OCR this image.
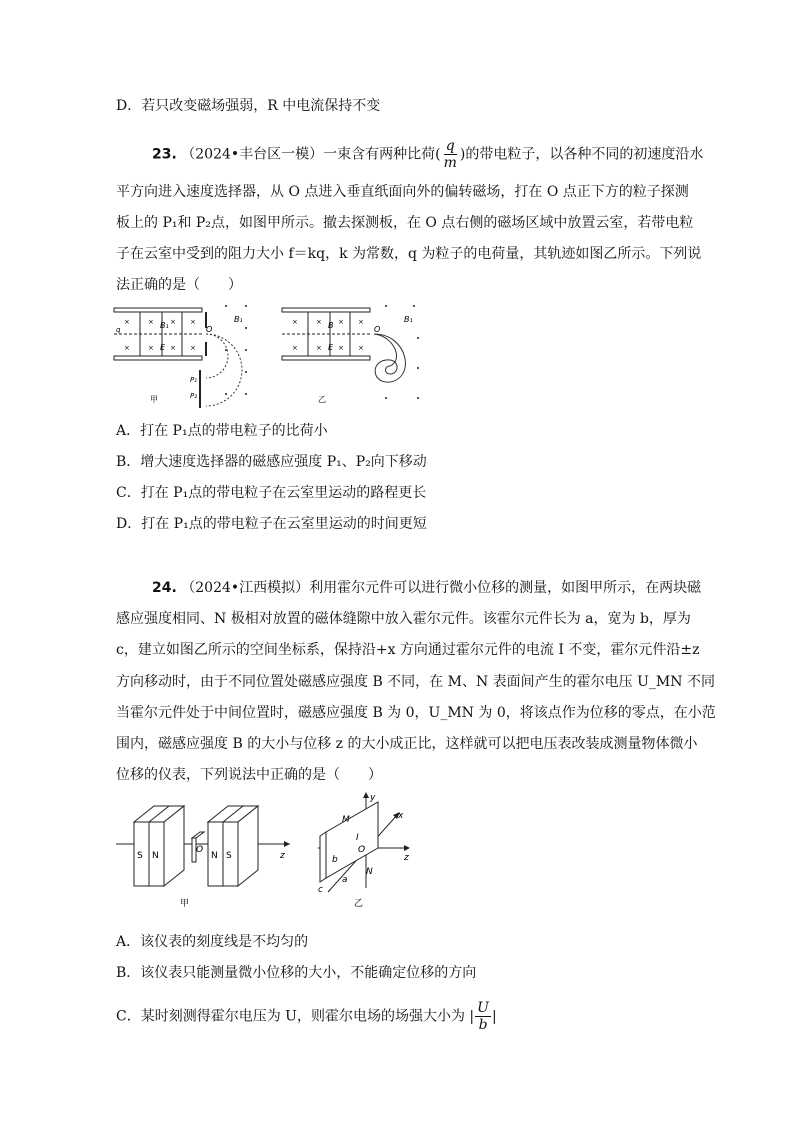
D．若只改变磁场强弱，R 中电流保持不变
23. （2024•丰台区一模）一束含有两种比荷( $\frac{q}{m}$ )的带电粒子，以各种不同的初速度沿水
平方向进入速度选择器，从 O 点进入垂直纸面向外的偏转磁场，打在 O 点正下方的粒子探测
板上的 P₁和 P₂点，如图甲所示。撤去探测板，在 O 点右侧的磁场区域中放置云室，若带电粒
子在云室中受到的阻力大小 f＝kq，k 为常数，q 为粒子的电荷量，其轨迹如图乙所示。下列说
法正确的是（　　）
×	× × ×
×	× × ×
B₁
E
q	O
P₁
P₂
B₁
甲
×	× × ×
×	× × ×
B
E
O
B₁
乙
A．打在 P₁点的带电粒子的比荷小
B．增大速度选择器的磁感应强度 P₁、P₂向下移动
C．打在 P₁点的带电粒子在云室里运动的路程更长
D．打在 P₁点的带电粒子在云室里运动的时间更短
24. （2024•江西模拟）利用霍尔元件可以进行微小位移的测量，如图甲所示，在两块磁
感应强度相同、N 极相对放置的磁体缝隙中放入霍尔元件。该霍尔元件长为 a，宽为 b，厚为
c，建立如图乙所示的空间坐标系，保持沿+x 方向通过霍尔元件的电流 I 不变，霍尔元件沿±z
方向移动时，由于不同位置处磁感应强度 B 不同，在 M、N 表面间产生的霍尔电压 U_MN 不同
当霍尔元件处于中间位置时，磁感应强度 B 为 0，U_MN 为 0，将该点作为位移的零点，在小范
围内，磁感应强度 B 的大小与位移 z 的大小成正比，这样就可以把电压表改装成测量物体微小
位移的仪表，下列说法中正确的是（　　）
z
S N
O
N S
甲
y
z
x
M
I
O
b
a
c
N
乙
A．该仪表的刻度线是不均匀的
B．该仪表只能测量微小位移的大小，不能确定位移的方向
C．某时刻测得霍尔电压为 U，则霍尔电场的场强大小为 | $\frac{U}{b}$ |
